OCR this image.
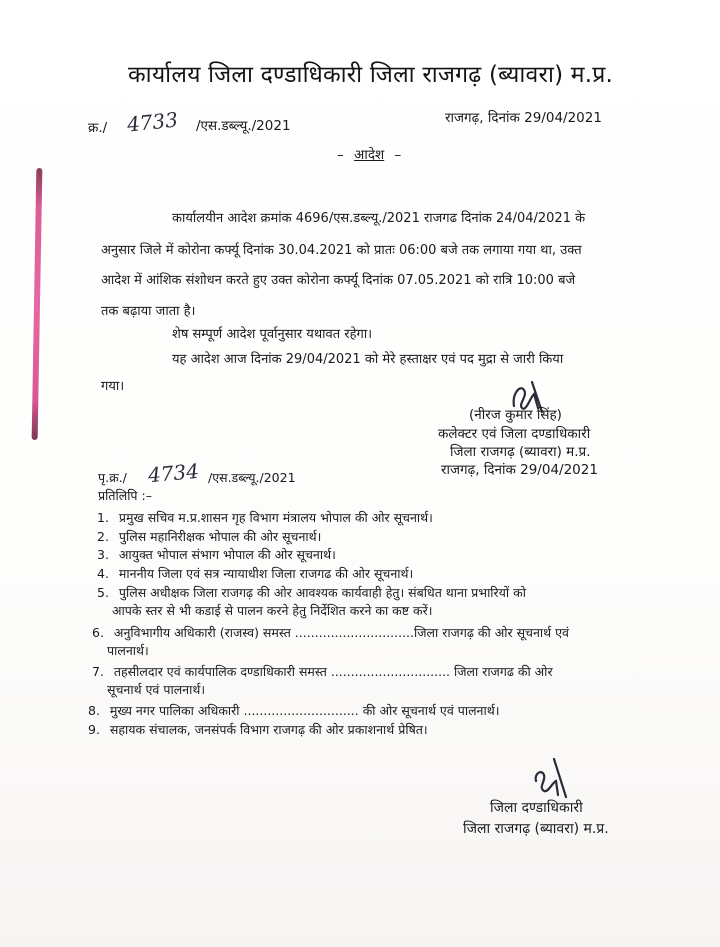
कार्यालय जिला दण्डाधिकारी जिला राजगढ़ (ब्यावरा) म.प्र.
क्र./ 4733 /एस.डब्ल्यू./2021	राजगढ़, दिनांक 29/04/2021
– आदेश –
कार्यालयीन आदेश क्रमांक 4696/एस.डब्ल्यू./2021 राजगढ दिनांक 24/04/2021 के
अनुसार जिले में कोरोना कर्फ्यू दिनांक 30.04.2021 को प्रातः 06:00 बजे तक लगाया गया था, उक्त
आदेश में आंशिक संशोधन करते हुए उक्त कोरोना कर्फ्यू दिनांक 07.05.2021 को रात्रि 10:00 बजे
तक बढ़ाया जाता है।
शेष सम्पूर्ण आदेश पूर्वानुसार यथावत रहेगा।
यह आदेश आज दिनांक 29/04/2021 को मेरे हस्ताक्षर एवं पद मुद्रा से जारी किया
गया।
(नीरज कुमार सिंह)
कलेक्टर एवं जिला दण्डाधिकारी
जिला राजगढ़ (ब्यावरा) म.प्र.
राजगढ़, दिनांक 29/04/2021
पृ.क्र./ 4734 /एस.डब्ल्यू./2021
प्रतिलिपि :–
1. प्रमुख सचिव म.प्र.शासन गृह विभाग मंत्रालय भोपाल की ओर सूचनार्थ।
2. पुलिस महानिरीक्षक भोपाल की ओर सूचनार्थ।
3. आयुक्त भोपाल संभाग भोपाल की ओर सूचनार्थ।
4. माननीय जिला एवं सत्र न्यायाधीश जिला राजगढ की ओर सूचनार्थ।
5. पुलिस अधीक्षक जिला राजगढ़ की ओर आवश्यक कार्यवाही हेतु। संबधित थाना प्रभारियों को
आपके स्तर से भी कडाई से पालन करने हेतु निर्देशित करने का कष्ट करें।
6. अनुविभागीय अधिकारी (राजस्व) समस्त ..............................जिला राजगढ़ की ओर सूचनार्थ एवं
पालनार्थ।
7. तहसीलदार एवं कार्यपालिक दण्डाधिकारी समस्त .............................. जिला राजगढ की ओर
सूचनार्थ एवं पालनार्थ।
8. मुख्य नगर पालिका अधिकारी ............................. की ओर सूचनार्थ एवं पालनार्थ।
9. सहायक संचालक, जनसंपर्क विभाग राजगढ़ की ओर प्रकाशनार्थ प्रेषित।
जिला दण्डाधिकारी
जिला राजगढ़ (ब्यावरा) म.प्र.
